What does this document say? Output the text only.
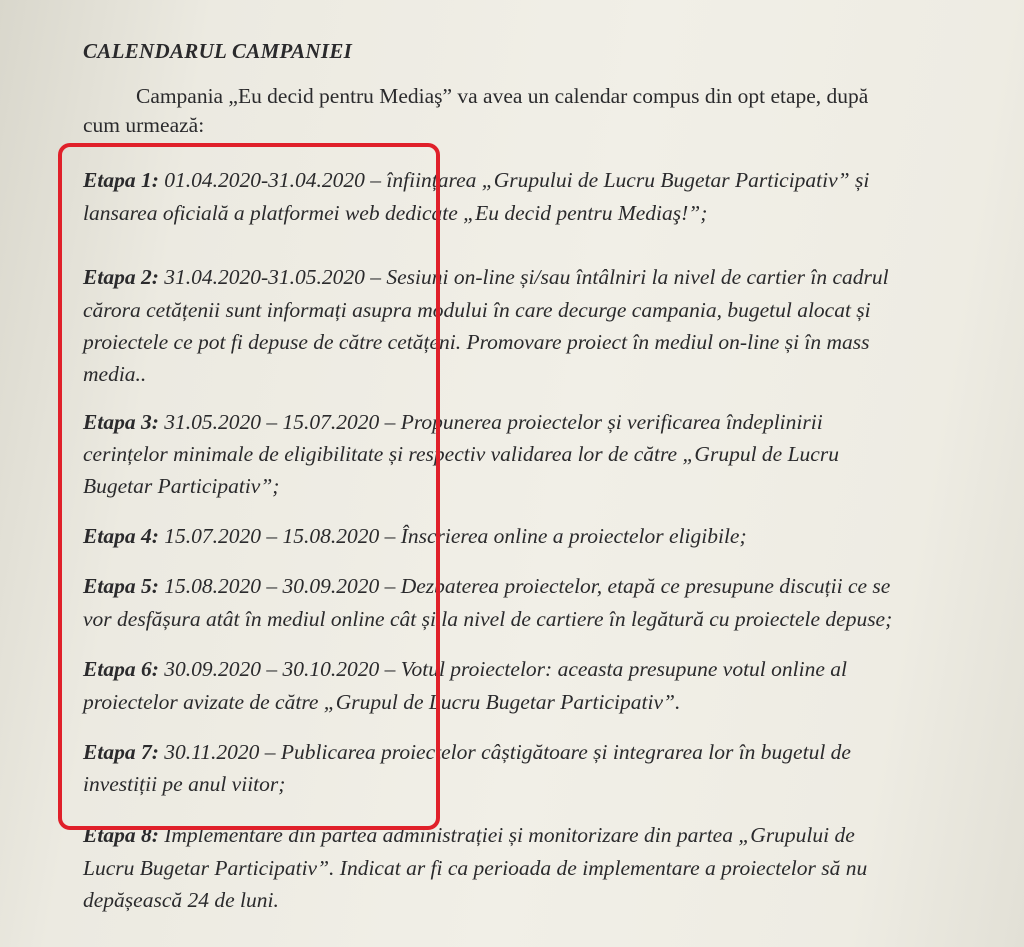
CALENDARUL CAMPANIEI
Campania „Eu decid pentru Mediaş” va avea un calendar compus din opt etape, după
cum urmează:
Etapa 1: 01.04.2020-31.04.2020 – înființarea „Grupului de Lucru Bugetar Participativ” și
lansarea oficială a platformei web dedicate „Eu decid pentru Mediaş!”;
Etapa 2: 31.04.2020-31.05.2020 – Sesiuni on-line și/sau întâlniri la nivel de cartier în cadrul
cărora cetățenii sunt informați asupra modului în care decurge campania, bugetul alocat și
proiectele ce pot fi depuse de către cetățeni. Promovare proiect în mediul on-line și în mass
media..
Etapa 3: 31.05.2020 – 15.07.2020 – Propunerea proiectelor și verificarea îndeplinirii
cerințelor minimale de eligibilitate și respectiv validarea lor de către „Grupul de Lucru
Bugetar Participativ”;
Etapa 4: 15.07.2020 – 15.08.2020 – Înscrierea online a proiectelor eligibile;
Etapa 5: 15.08.2020 – 30.09.2020 – Dezbaterea proiectelor, etapă ce presupune discuții ce se
vor desfășura atât în mediul online cât și la nivel de cartiere în legătură cu proiectele depuse;
Etapa 6: 30.09.2020 – 30.10.2020 – Votul proiectelor: aceasta presupune votul online al
proiectelor avizate de către „Grupul de Lucru Bugetar Participativ”.
Etapa 7: 30.11.2020 – Publicarea proiectelor câștigătoare și integrarea lor în bugetul de
investiții pe anul viitor;
Etapa 8: Implementare din partea administrației și monitorizare din partea „Grupului de
Lucru Bugetar Participativ”. Indicat ar fi ca perioada de implementare a proiectelor să nu
depășească 24 de luni.
